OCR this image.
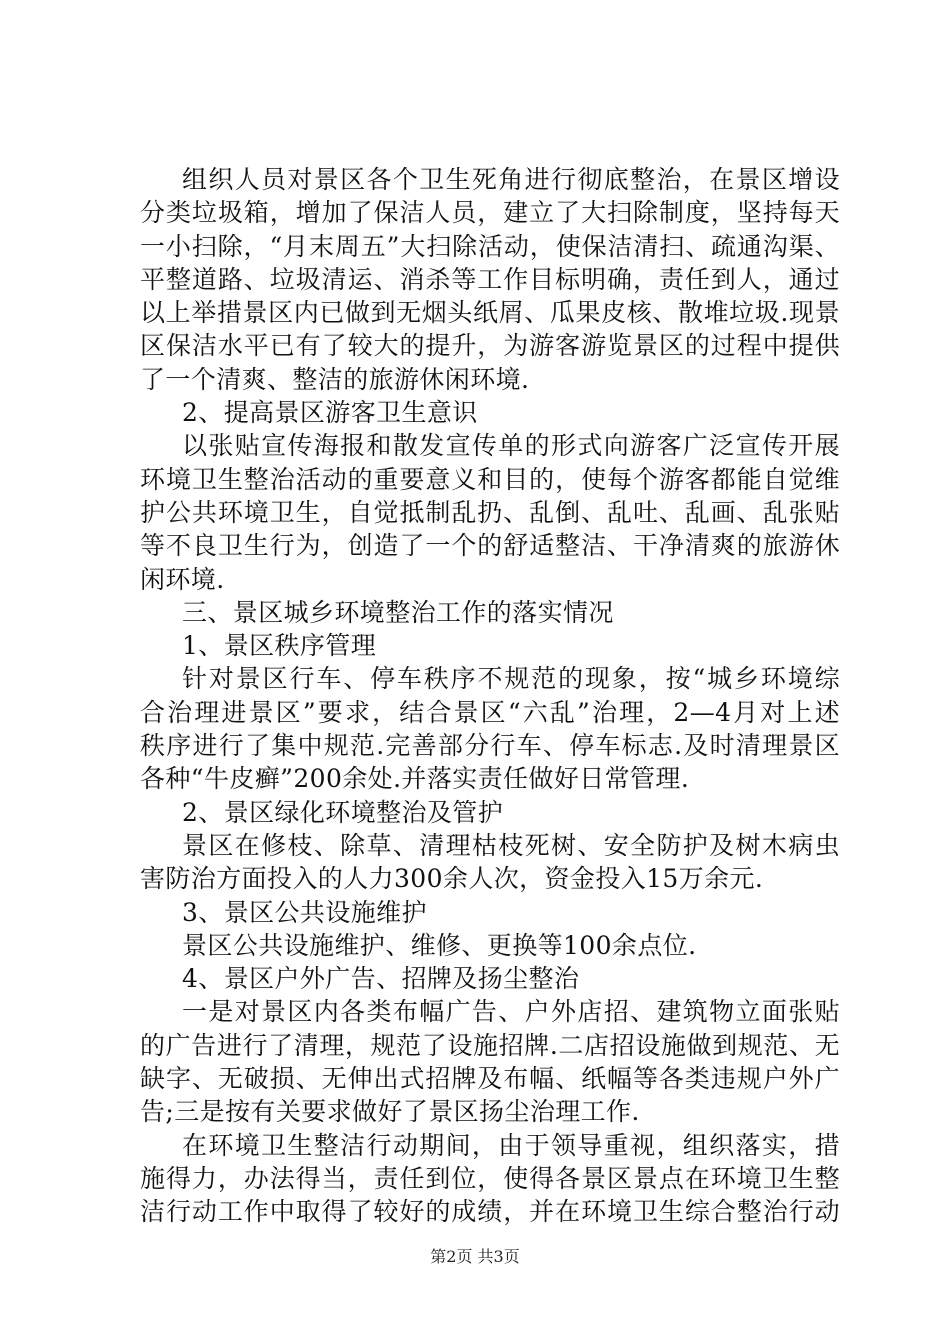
组织人员对景区各个卫生死角进行彻底整治，在景区增设
分类垃圾箱，增加了保洁人员，建立了大扫除制度，坚持每天
一小扫除，“月末周五”大扫除活动，使保洁清扫、疏通沟渠、
平整道路、垃圾清运、消杀等工作目标明确，责任到人，通过
以上举措景区内已做到无烟头纸屑、瓜果皮核、散堆垃圾.现景
区保洁水平已有了较大的提升，为游客游览景区的过程中提供
了一个清爽、整洁的旅游休闲环境.
2、提高景区游客卫生意识
以张贴宣传海报和散发宣传单的形式向游客广泛宣传开展
环境卫生整治活动的重要意义和目的，使每个游客都能自觉维
护公共环境卫生，自觉抵制乱扔、乱倒、乱吐、乱画、乱张贴
等不良卫生行为，创造了一个的舒适整洁、干净清爽的旅游休
闲环境.
三、景区城乡环境整治工作的落实情况
1、景区秩序管理
针对景区行车、停车秩序不规范的现象，按“城乡环境综
合治理进景区”要求，结合景区“六乱”治理，2—4月对上述
秩序进行了集中规范.完善部分行车、停车标志.及时清理景区
各种“牛皮癣”200余处.并落实责任做好日常管理.
2、景区绿化环境整治及管护
景区在修枝、除草、清理枯枝死树、安全防护及树木病虫
害防治方面投入的人力300余人次，资金投入15万余元.
3、景区公共设施维护
景区公共设施维护、维修、更换等100余点位.
4、景区户外广告、招牌及扬尘整治
一是对景区内各类布幅广告、户外店招、建筑物立面张贴
的广告进行了清理，规范了设施招牌.二店招设施做到规范、无
缺字、无破损、无伸出式招牌及布幅、纸幅等各类违规户外广
告;三是按有关要求做好了景区扬尘治理工作.
在环境卫生整洁行动期间，由于领导重视，组织落实，措
施得力，办法得当，责任到位，使得各景区景点在环境卫生整
洁行动工作中取得了较好的成绩，并在环境卫生综合整治行动
第2页 共3页
